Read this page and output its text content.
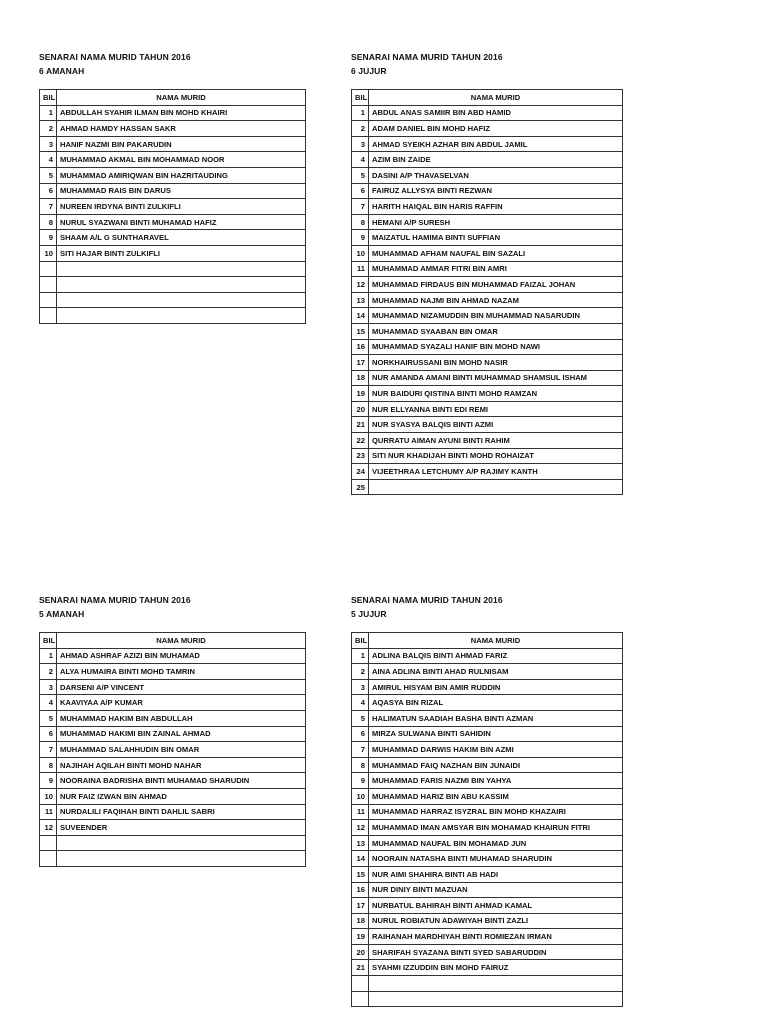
SENARAI NAMA MURID TAHUN 2016
6 AMANAH
BIL	NAMA MURID
1	ABDULLAH SYAHIR ILMAN BIN MOHD KHAIRI
2	AHMAD HAMDY HASSAN SAKR
3	HANIF NAZMI BIN PAKARUDIN
4	MUHAMMAD AKMAL BIN MOHAMMAD NOOR
5	MUHAMMAD AMIRIQWAN BIN HAZRITAUDING
6	MUHAMMAD RAIS BIN DARUS
7	NUREEN IRDYNA BINTI ZULKIFLI
8	NURUL SYAZWANI BINTI MUHAMAD HAFIZ
9	SHAAM A/L G SUNTHARAVEL
10	SITI HAJAR BINTI ZULKIFLI

SENARAI NAMA MURID TAHUN 2016
6 JUJUR
BIL	NAMA MURID
1	ABDUL ANAS SAMIIR BIN ABD HAMID
2	ADAM DANIEL BIN MOHD HAFIZ
3	AHMAD SYEIKH AZHAR BIN ABDUL JAMIL
4	AZIM BIN ZAIDE
5	DASINI A/P THAVASELVAN
6	FAIRUZ ALLYSYA BINTI REZWAN
7	HARITH HAIQAL BIN HARIS RAFFIN
8	HEMANI A/P SURESH
9	MAIZATUL HAMIMA BINTI SUFFIAN
10	MUHAMMAD AFHAM NAUFAL BIN SAZALI
11	MUHAMMAD AMMAR FITRI BIN AMRI
12	MUHAMMAD FIRDAUS BIN MUHAMMAD FAIZAL JOHAN
13	MUHAMMAD NAJMI BIN AHMAD NAZAM
14	MUHAMMAD NIZAMUDDIN BIN MUHAMMAD NASARUDIN
15	MUHAMMAD SYAABAN BIN OMAR
16	MUHAMMAD SYAZALI HANIF BIN MOHD NAWI
17	NORKHAIRUSSANI BIN MOHD NASIR
18	NUR AMANDA AMANI BINTI MUHAMMAD SHAMSUL ISHAM
19	NUR BAIDURI QISTINA BINTI MOHD RAMZAN
20	NUR ELLYANNA BINTI EDI REMI
21	NUR SYASYA BALQIS BINTI AZMI
22	QURRATU AIMAN AYUNI BINTI RAHIM
23	SITI NUR KHADIJAH BINTI MOHD ROHAIZAT
24	VIJEETHRAA LETCHUMY A/P RAJIMY KANTH
25	
SENARAI NAMA MURID TAHUN 2016
5 AMANAH
BIL	NAMA MURID
1	AHMAD ASHRAF AZIZI BIN MUHAMAD
2	ALYA HUMAIRA BINTI MOHD TAMRIN
3	DARSENI A/P VINCENT
4	KAAVIYAA A/P KUMAR
5	MUHAMMAD HAKIM BIN ABDULLAH
6	MUHAMMAD HAKIMI BIN ZAINAL AHMAD
7	MUHAMMAD SALAHHUDIN BIN OMAR
8	NAJIHAH AQILAH BINTI MOHD NAHAR
9	NOORAINA BADRISHA BINTI MUHAMAD SHARUDIN
10	NUR FAIZ IZWAN BIN AHMAD
11	NURDALILI FAQIHAH BINTI DAHLIL SABRI
12	SUVEENDER

SENARAI NAMA MURID TAHUN 2016
5 JUJUR
BIL	NAMA MURID
1	ADLINA BALQIS BINTI AHMAD FARIZ
2	AINA ADLINA BINTI AHAD RULNISAM
3	AMIRUL HISYAM BIN AMIR RUDDIN
4	AQASYA BIN RIZAL
5	HALIMATUN SAADIAH BASHA BINTI AZMAN
6	MIRZA SULWANA BINTI SAHIDIN
7	MUHAMMAD DARWIS HAKIM BIN AZMI
8	MUHAMMAD FAIQ NAZHAN BIN JUNAIDI
9	MUHAMMAD FARIS NAZMI BIN YAHYA
10	MUHAMMAD HARIZ BIN ABU KASSIM
11	MUHAMMAD HARRAZ ISYZRAL BIN MOHD KHAZAIRI
12	MUHAMMAD IMAN AMSYAR BIN MOHAMAD KHAIRUN FITRI
13	MUHAMMAD NAUFAL BIN MOHAMAD JUN
14	NOORAIN NATASHA BINTI MUHAMAD SHARUDIN
15	NUR AIMI SHAHIRA BINTI AB HADI
16	NUR DINIY BINTI MAZUAN
17	NURBATUL BAHIRAH BINTI AHMAD KAMAL
18	NURUL ROBIATUN ADAWIYAH BINTI ZAZLI
19	RAIHANAH MARDHIYAH BINTI ROMIEZAN IRMAN
20	SHARIFAH SYAZANA BINTI SYED SABARUDDIN
21	SYAHMI IZZUDDIN BIN MOHD FAIRUZ
